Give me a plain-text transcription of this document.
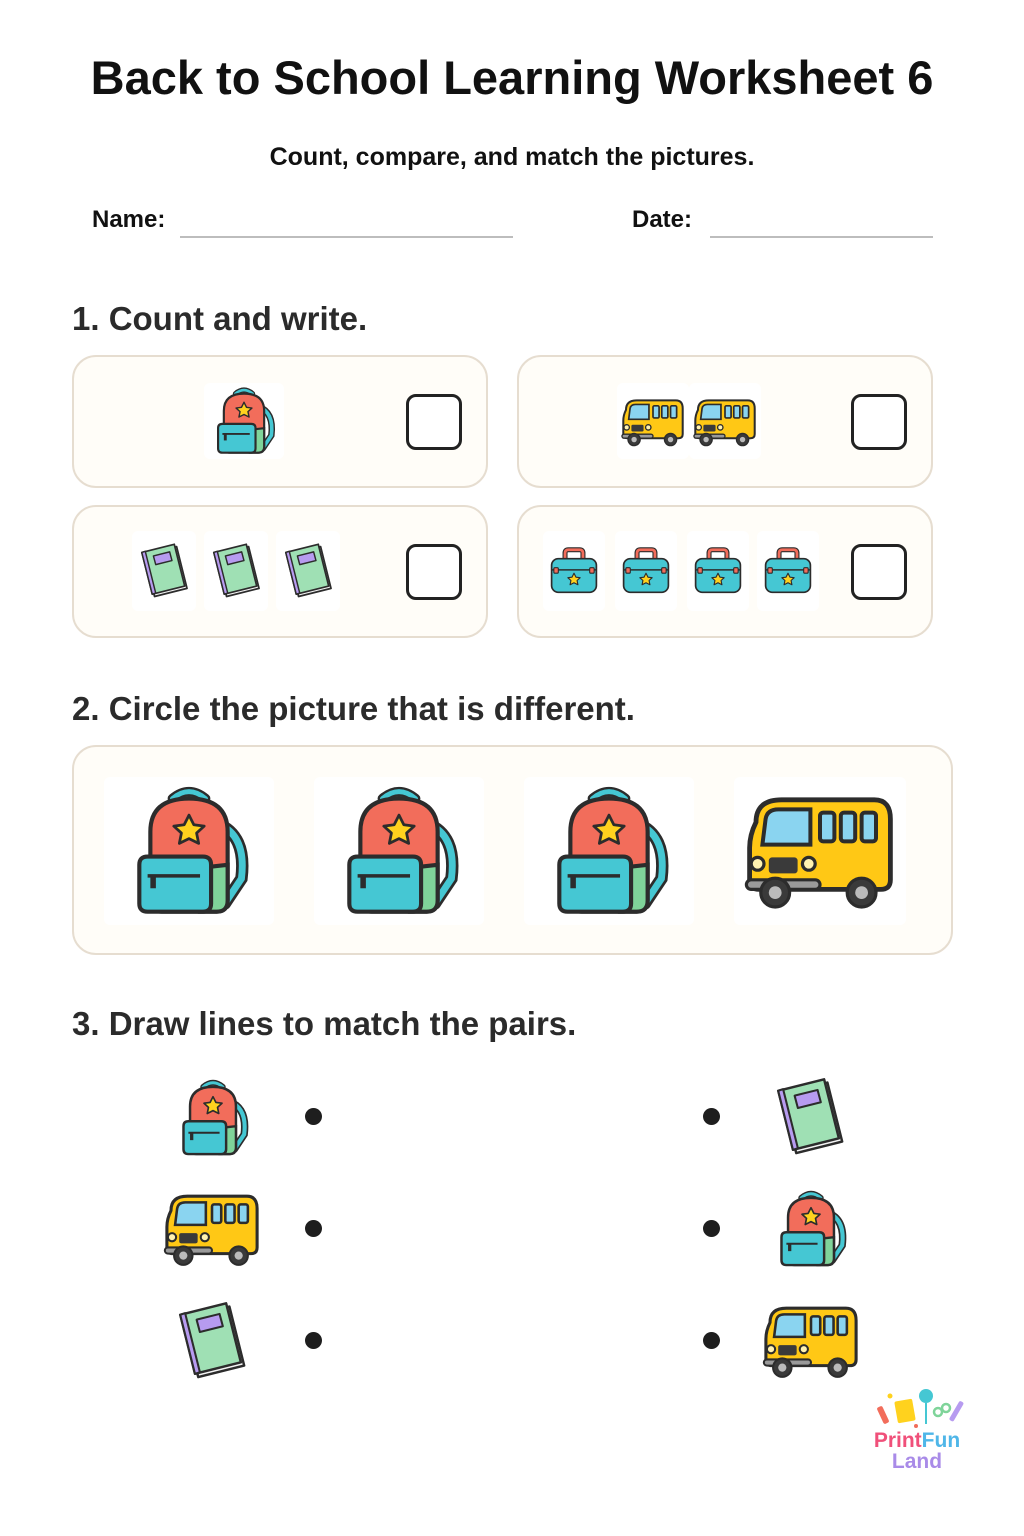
Back to School Learning Worksheet 6
Count, compare, and match the pictures.
Name:	Date:
1. Count and write.
2. Circle the picture that is different.
3. Draw lines to match the pairs.
PrintFun
Land
